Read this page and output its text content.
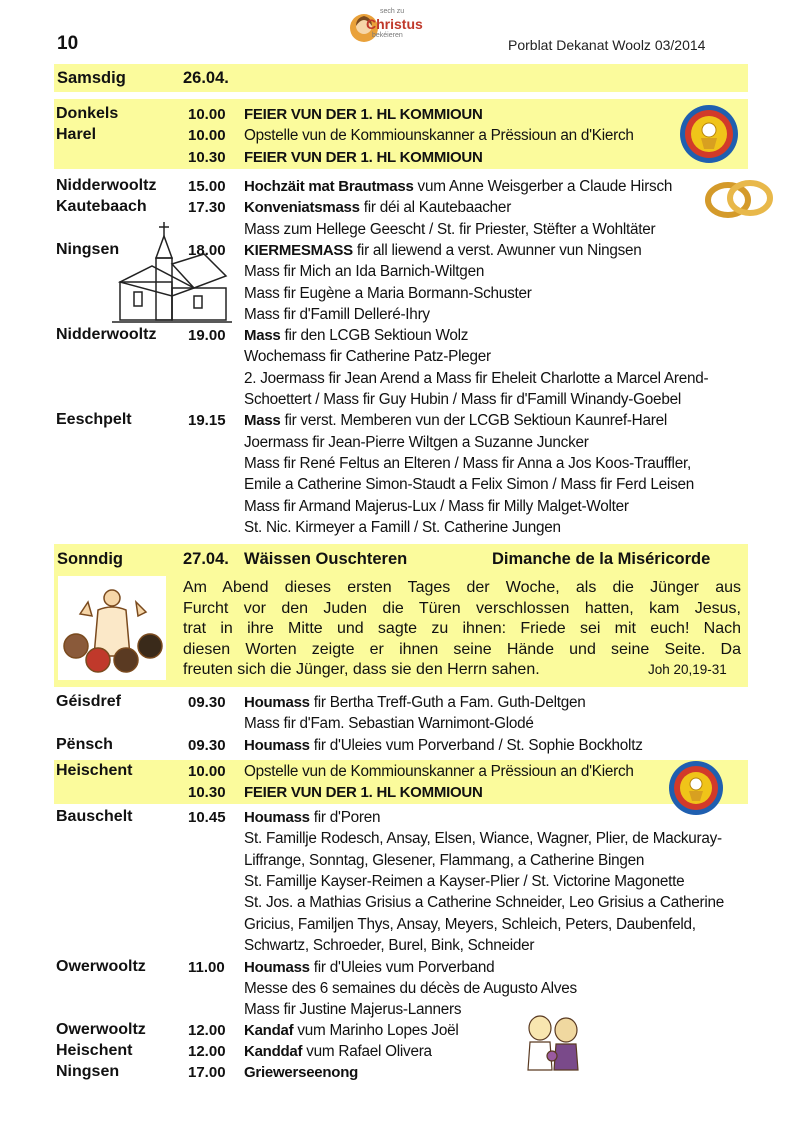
10
sech zu
Christus
bekéieren
Porblat Dekanat Woolz 03/2014
Samsdig	26.04.
Donkels	10.00 FEIER VUN DER 1. HL KOMMIOUN
Harel	10.00 Opstelle vun de Kommiounskanner a Prëssioun an d'Kierch
10.30 FEIER VUN DER 1. HL KOMMIOUN
Nidderwooltz 15.00 Hochzäit mat Brautmass vum Anne Weisgerber a Claude Hirsch
Kautebaach	17.30 Konveniatsmass fir déi al Kautebaacher
Mass zum Hellege Geescht / St. fir Priester, Stëfter a Wohltäter
Ningsen	18.00 KIERMESMASS fir all liewend a verst. Awunner vun Ningsen
Mass fir Mich an Ida Barnich-Wiltgen
Mass fir Eugène a Maria Bormann-Schuster
Mass fir d'Famill Delleré-Ihry
Nidderwooltz 19.00 Mass fir den LCGB Sektioun Wolz
Wochemass fir Catherine Patz-Pleger
2. Joermass fir Jean Arend a Mass fir Eheleit Charlotte a Marcel Arend-
Schoettert / Mass fir Guy Hubin / Mass fir d'Famill Winandy-Goebel
Eeschpelt	19.15 Mass fir verst. Memberen vun der LCGB Sektioun Kaunref-Harel
Joermass fir Jean-Pierre Wiltgen a Suzanne Juncker
Mass fir René Feltus an Elteren / Mass fir Anna a Jos Koos-Trauffler,
Emile a Catherine Simon-Staudt a Felix Simon / Mass fir Ferd Leisen
Mass fir Armand Majerus-Lux / Mass fir Milly Malget-Wolter
St. Nic. Kirmeyer a Famill / St. Catherine Jungen
Sonndig	27.04. Wäissen Ouschteren	Dimanche de la Miséricorde
Am Abend dieses ersten Tages der Woche, als die Jünger aus
Furcht vor den Juden die Türen verschlossen hatten, kam Jesus,
trat in ihre Mitte und sagte zu ihnen: Friede sei mit euch! Nach
diesen Worten zeigte er ihnen seine Hände und seine Seite. Da
freuten sich die Jünger, dass sie den Herrn sahen.	Joh 20,19-31
Géisdref	09.30 Houmass fir Bertha Treff-Guth a Fam. Guth-Deltgen
Mass fir d'Fam. Sebastian Warnimont-Glodé
Pënsch	09.30 Houmass fir d'Uleies vum Porverband / St. Sophie Bockholtz
Heischent	10.00 Opstelle vun de Kommiounskanner a Prëssioun an d'Kierch
10.30 FEIER VUN DER 1. HL KOMMIOUN
Bauschelt	10.45 Houmass fir d'Poren
St. Famillje Rodesch, Ansay, Elsen, Wiance, Wagner, Plier, de Mackuray-
Liffrange, Sonntag, Glesener, Flammang, a Catherine Bingen
St. Famillje Kayser-Reimen a Kayser-Plier / St. Victorine Magonette
St. Jos. a Mathias Grisius a Catherine Schneider, Leo Grisius a Catherine
Gricius, Familjen Thys, Ansay, Meyers, Schleich, Peters, Daubenfeld,
Schwartz, Schroeder, Burel, Bink, Schneider
Owerwooltz	11.00 Houmass fir d'Uleies vum Porverband
Messe des 6 semaines du décès de Augusto Alves
Mass fir Justine Majerus-Lanners
Owerwooltz	12.00 Kandaf vum Marinho Lopes Joël
Heischent	12.00 Kanddaf vum Rafael Olivera
Ningsen	17.00 Griewerseenong
